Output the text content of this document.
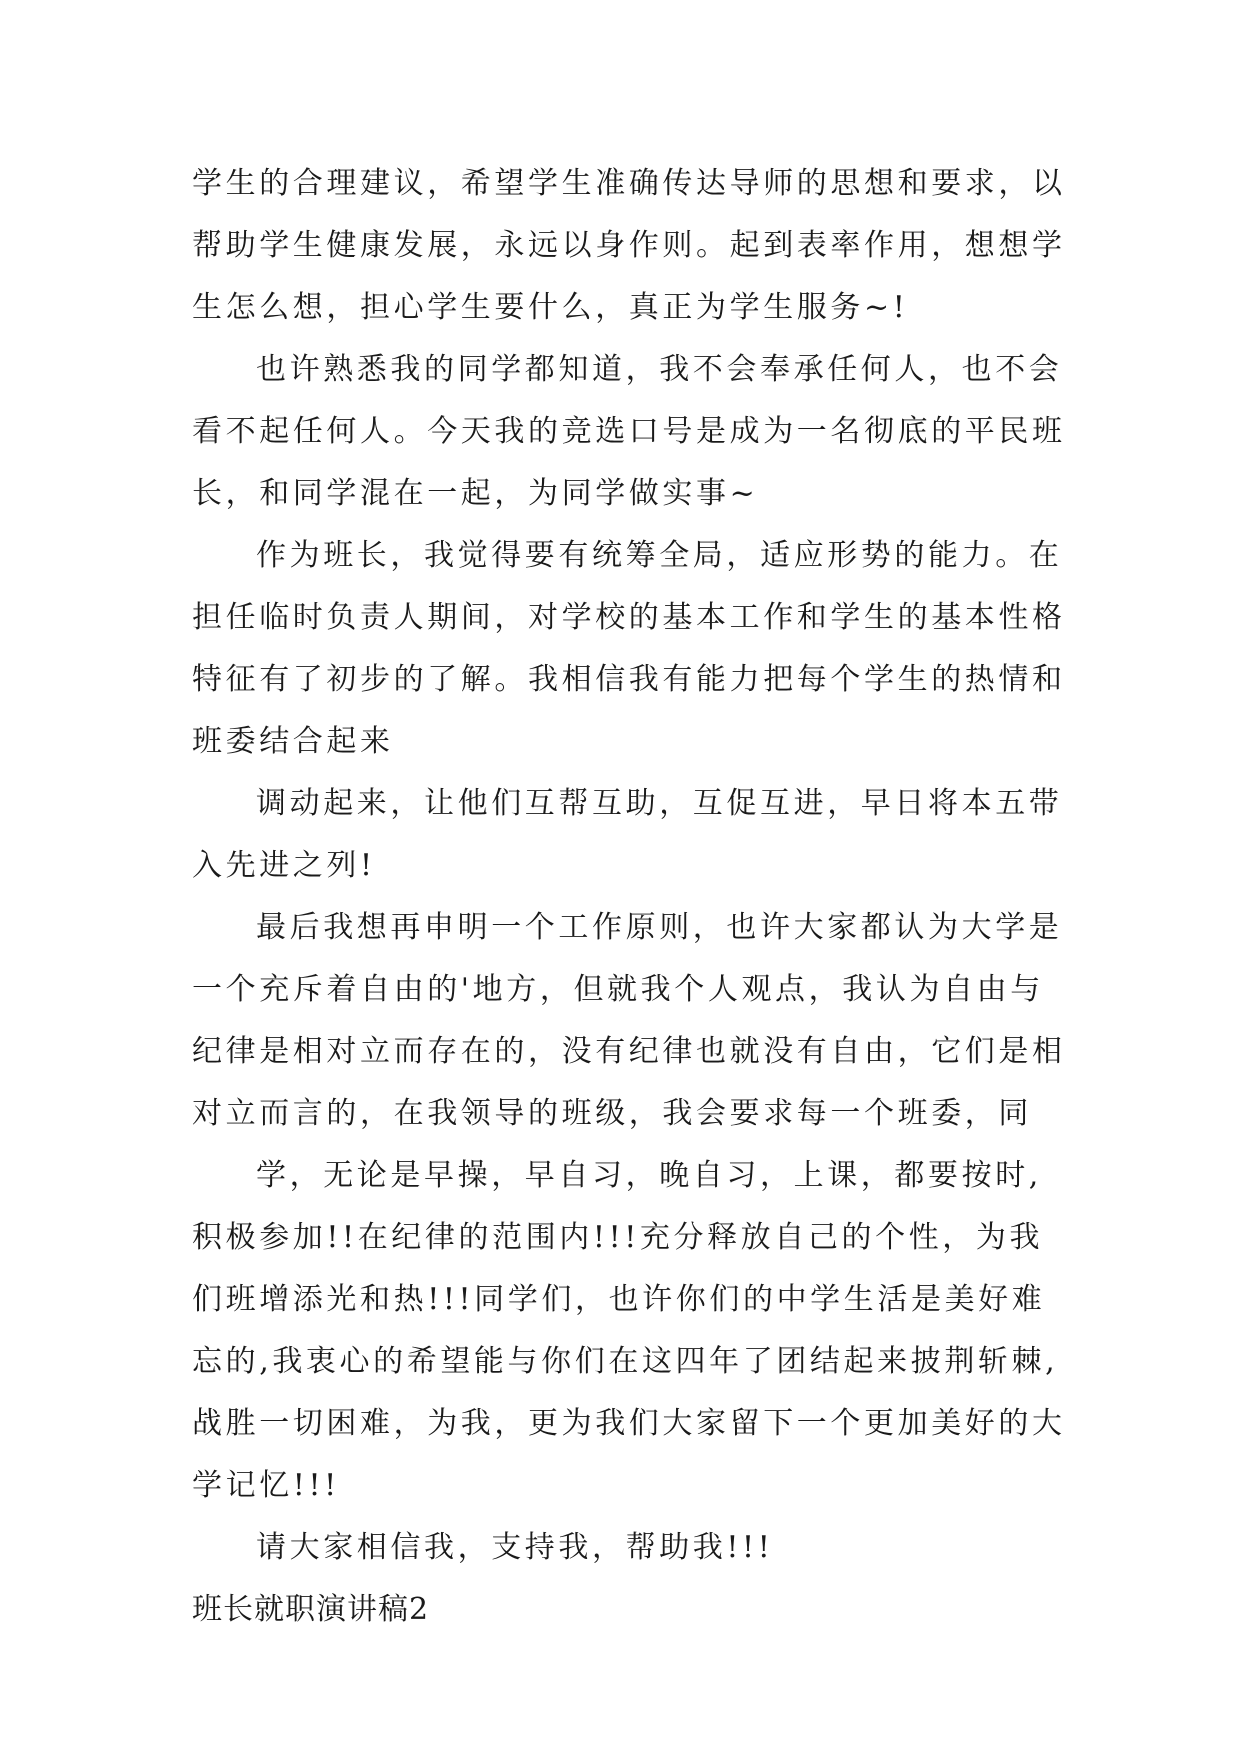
学生的合理建议，希望学生准确传达导师的思想和要求，以
帮助学生健康发展，永远以身作则。起到表率作用，想想学
生怎么想，担心学生要什么，真正为学生服务~!
也许熟悉我的同学都知道，我不会奉承任何人，也不会
看不起任何人。今天我的竞选口号是成为一名彻底的平民班
长，和同学混在一起，为同学做实事~
作为班长，我觉得要有统筹全局，适应形势的能力。在
担任临时负责人期间，对学校的基本工作和学生的基本性格
特征有了初步的了解。我相信我有能力把每个学生的热情和
班委结合起来
调动起来，让他们互帮互助，互促互进，早日将本五带
入先进之列!
最后我想再申明一个工作原则，也许大家都认为大学是
一个充斥着自由的'地方，但就我个人观点，我认为自由与
纪律是相对立而存在的，没有纪律也就没有自由，它们是相
对立而言的，在我领导的班级，我会要求每一个班委，同
学，无论是早操，早自习，晚自习，上课，都要按时,
积极参加!!在纪律的范围内!!!充分释放自己的个性，为我
们班增添光和热!!!同学们，也许你们的中学生活是美好难
忘的,我衷心的希望能与你们在这四年了团结起来披荆斩棘,
战胜一切困难，为我，更为我们大家留下一个更加美好的大
学记忆!!!
请大家相信我，支持我，帮助我!!!
班长就职演讲稿2
